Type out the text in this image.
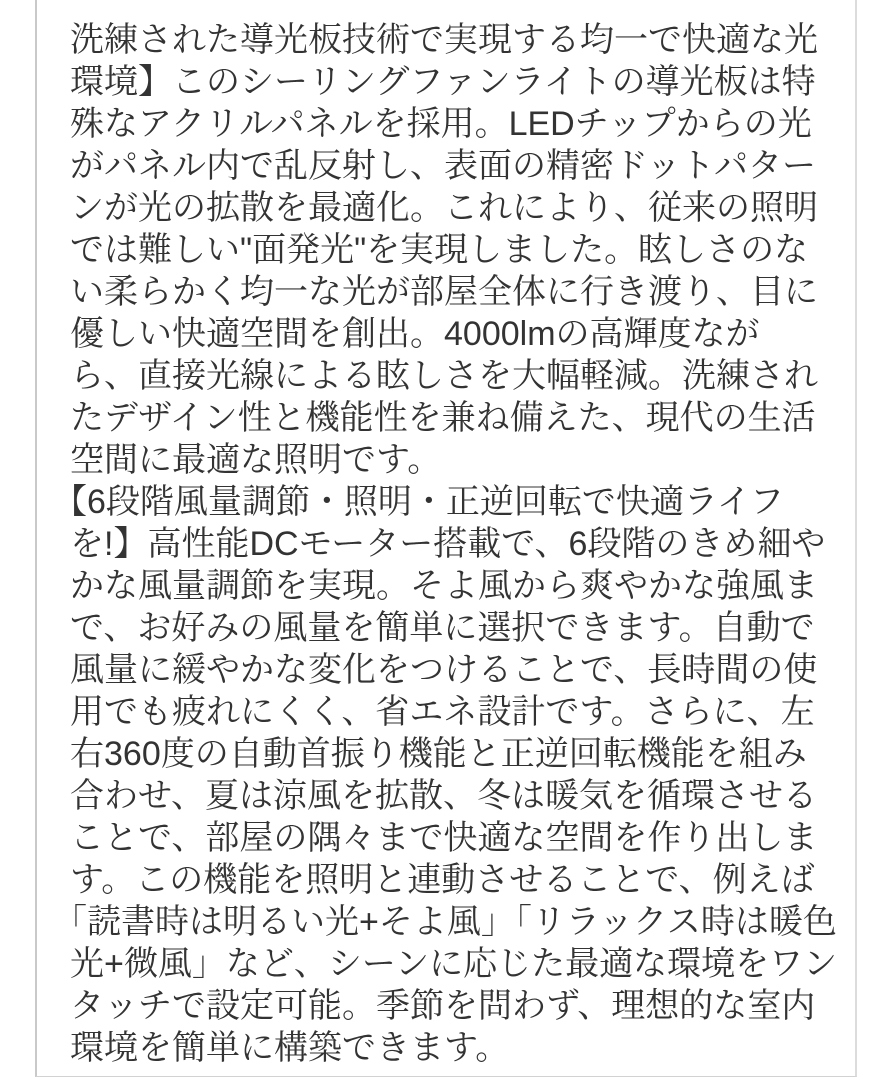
洗練された導光板技術で実現する均一で快適な光
環境】このシーリングファンライトの導光板は特
殊なアクリルパネルを採用。LEDチップからの光
がパネル内で乱反射し、表面の精密ドットパター
ンが光の拡散を最適化。これにより、従来の照明
では難しい"面発光"を実現しました。眩しさのな
い柔らかく均一な光が部屋全体に行き渡り、目に
優しい快適空間を創出。4000lmの高輝度なが
ら、直接光線による眩しさを大幅軽減。洗練され
たデザイン性と機能性を兼ね備えた、現代の生活
空間に最適な照明です。
【6段階風量調節・照明・正逆回転で快適ライフ
を!】高性能DCモーター搭載で、6段階のきめ細や
かな風量調節を実現。そよ風から爽やかな強風ま
で、お好みの風量を簡単に選択できます。自動で
風量に緩やかな変化をつけることで、長時間の使
用でも疲れにくく、省エネ設計です。さらに、左
右360度の自動首振り機能と正逆回転機能を組み
合わせ、夏は涼風を拡散、冬は暖気を循環させる
ことで、部屋の隅々まで快適な空間を作り出しま
す。この機能を照明と連動させることで、例えば
「読書時は明るい光+そよ風」「リラックス時は暖色
光+微風」など、シーンに応じた最適な環境をワン
タッチで設定可能。季節を問わず、理想的な室内
環境を簡単に構築できます。
